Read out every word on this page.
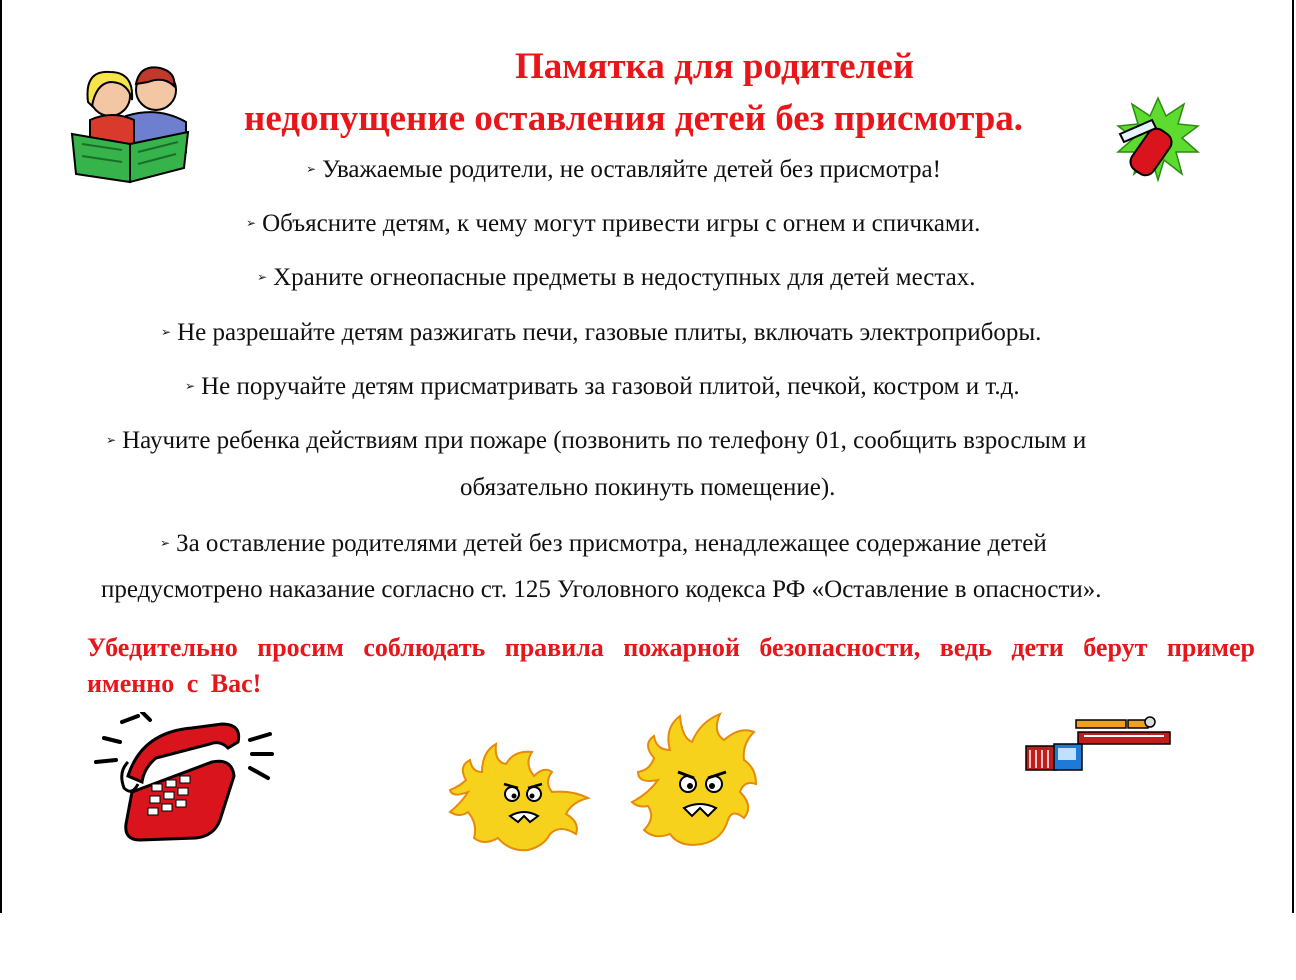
Памятка для родителей
недопущение оставления детей без присмотра.
➢ Уважаемые родители, не оставляйте детей без присмотра!
➢ Объясните детям, к чему могут привести игры с огнем и спичками.
➢ Храните огнеопасные предметы в недоступных для детей местах.
➢ Не разрешайте детям разжигать печи, газовые плиты, включать электроприборы.
➢ Не поручайте детям присматривать за газовой плитой, печкой, костром и т.д.
➢ Научите ребенка действиям при пожаре (позвонить по телефону 01, сообщить взрослым и
обязательно покинуть помещение).
➢ За оставление родителями детей без присмотра, ненадлежащее содержание детей
предусмотрено наказание согласно ст. 125 Уголовного кодекса РФ «Оставление в опасности».
Убедительно просим соблюдать правила пожарной безопасности, ведь дети берут пример именно с Вас!
